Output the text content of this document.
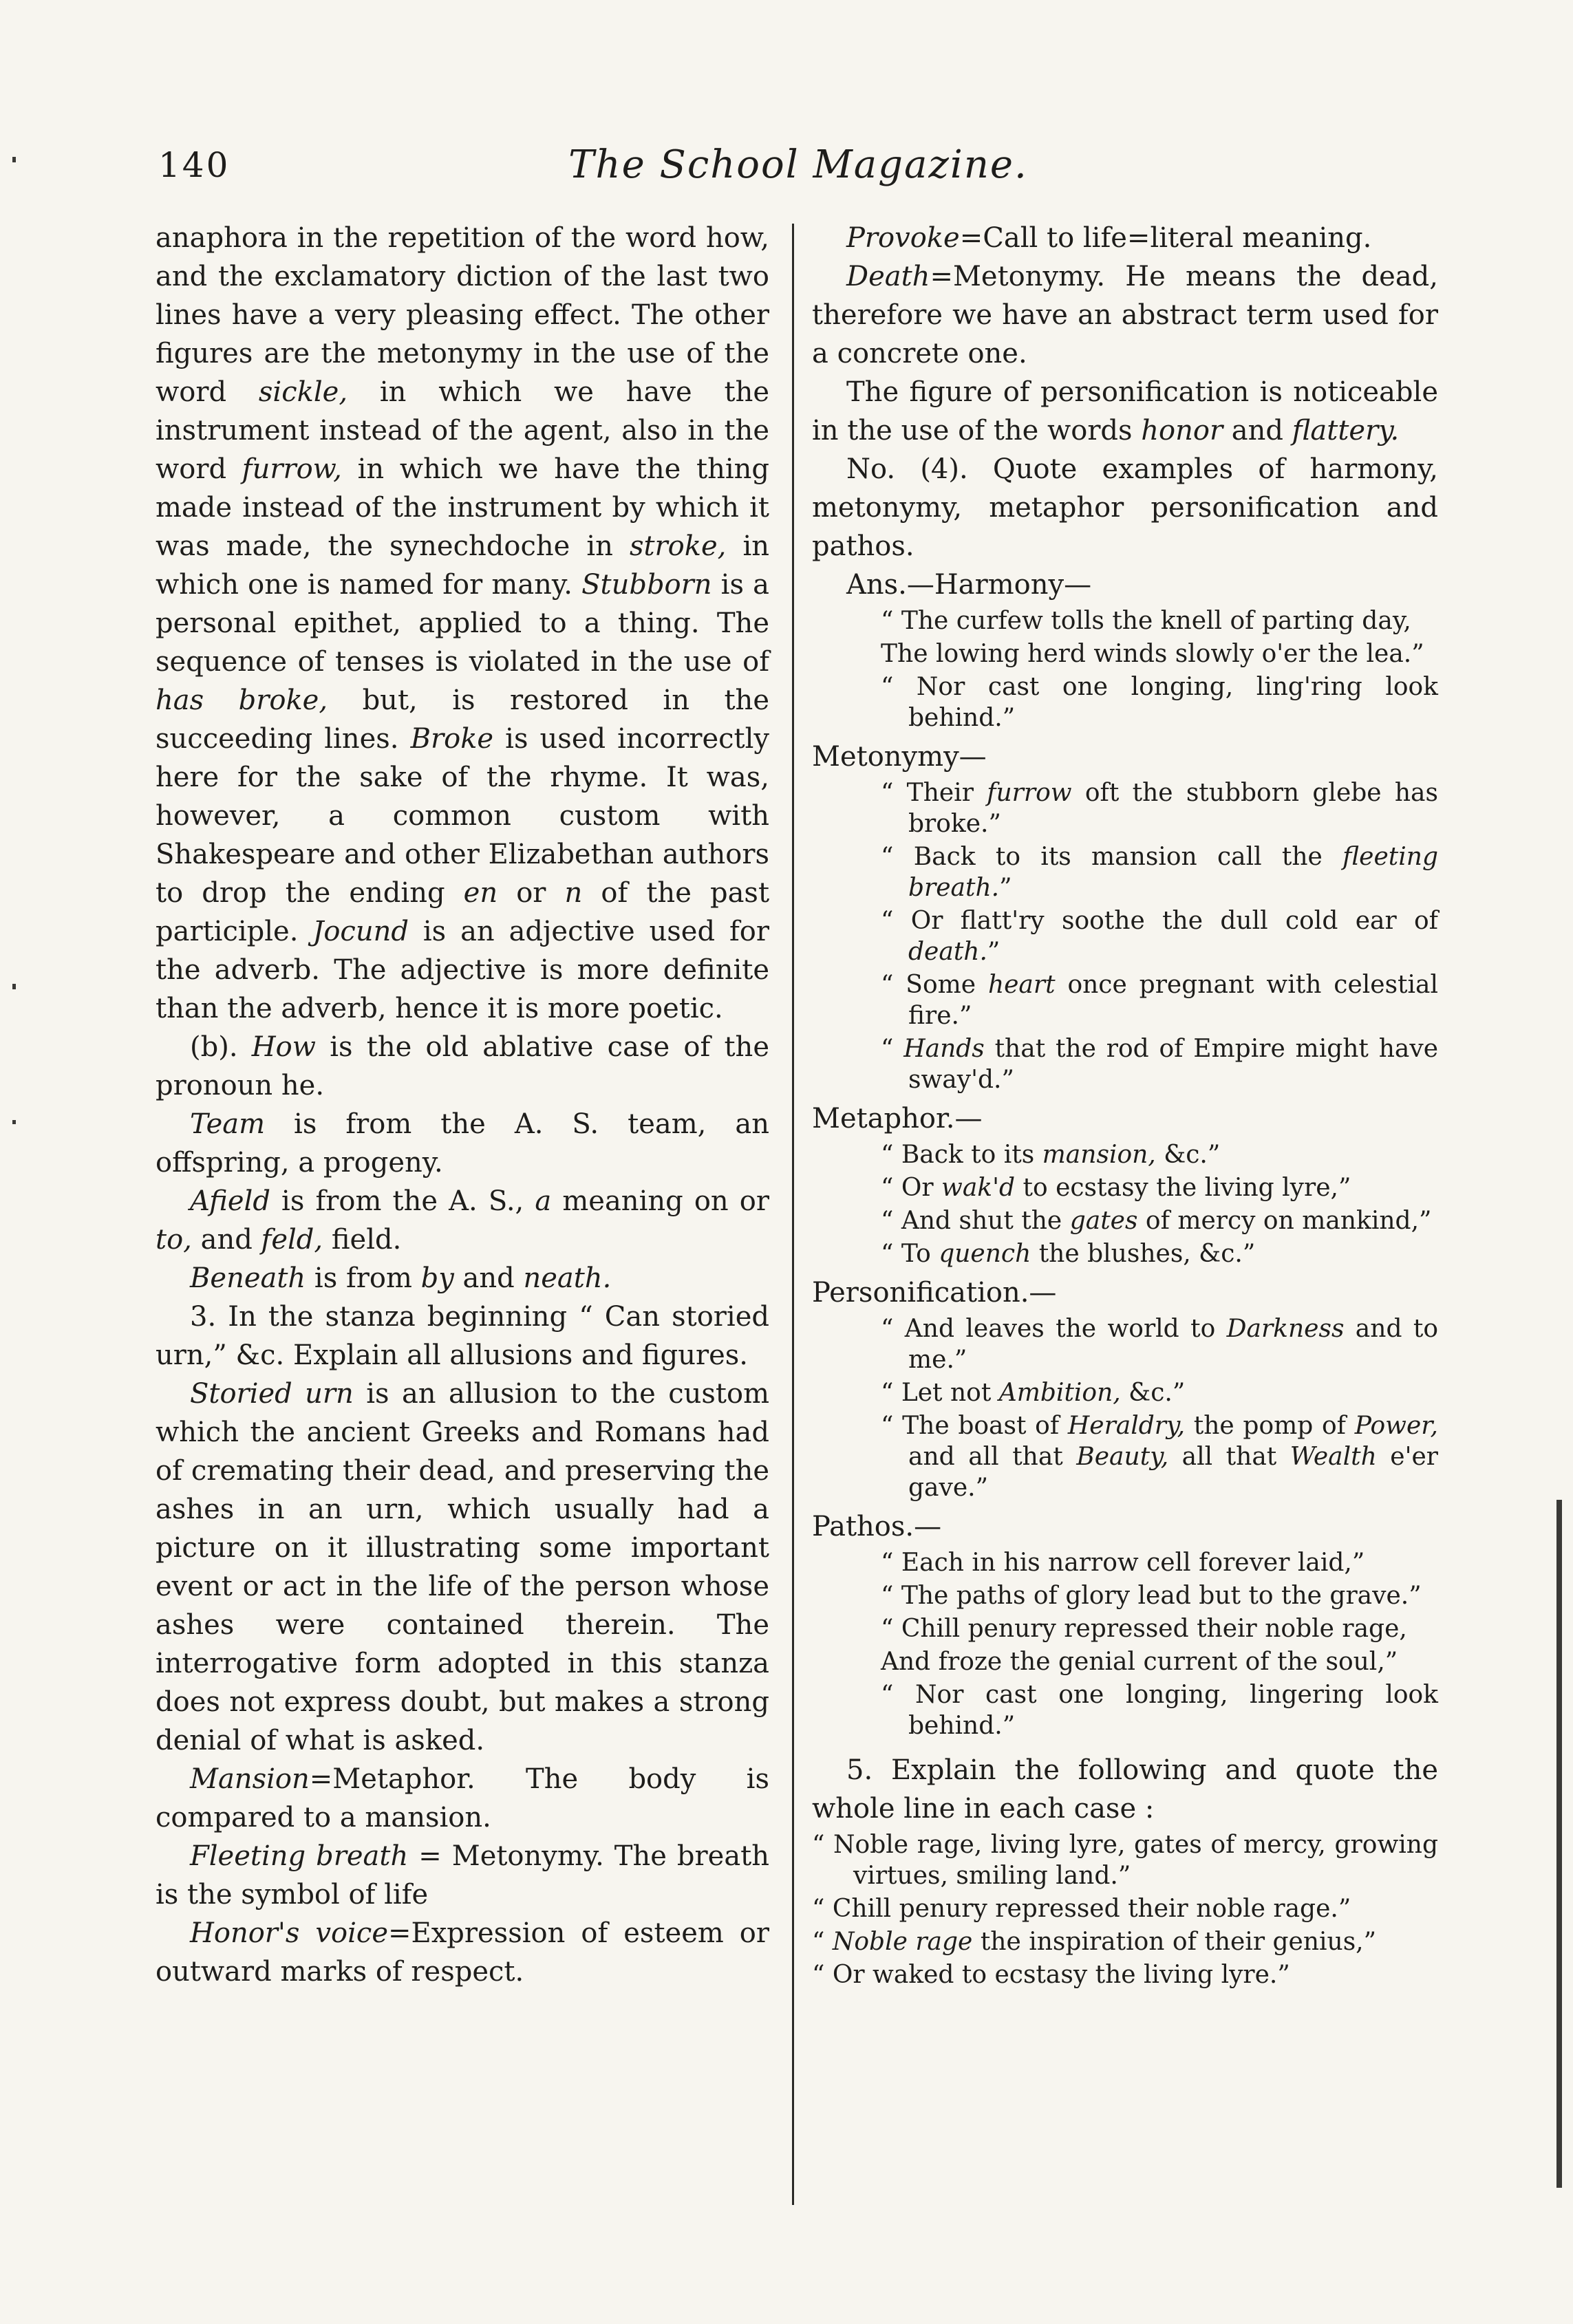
140	The School Magazine.

anaphora in the repetition of the word how, and the exclamatory diction of the last two lines have a very pleasing effect. The other figures are the metonymy in the use of the word sickle, in which we have the instrument instead of the agent, also in the word furrow, in which we have the thing made instead of the instrument by which it was made, the synechdoche in stroke, in which one is named for many. Stubborn is a personal epithet, applied to a thing. The sequence of tenses is violated in the use of has broke, but, is restored in the succeeding lines. Broke is used incorrectly here for the sake of the rhyme. It was, however, a common custom with Shakespeare and other Elizabethan authors to drop the ending en or n of the past participle. Jocund is an adjective used for the adverb. The adjective is more definite than the adverb, hence it is more poetic.

(b). How is the old ablative case of the pronoun he.

Team is from the A. S. team, an offspring, a progeny.

Afield is from the A. S., a meaning on or to, and feld, field.

Beneath is from by and neath.

3. In the stanza beginning “ Can storied urn,” &c. Explain all allusions and figures.

Storied urn is an allusion to the custom which the ancient Greeks and Romans had of cremating their dead, and preserving the ashes in an urn, which usually had a picture on it illustrating some important event or act in the life of the person whose ashes were contained therein. The interrogative form adopted in this stanza does not express doubt, but makes a strong denial of what is asked.

Mansion=Metaphor. The body is compared to a mansion.

Fleeting breath = Metonymy. The breath is the symbol of life

Honor's voice=Expression of esteem or outward marks of respect.

Provoke=Call to life=literal meaning.

Death=Metonymy. He means the dead, therefore we have an abstract term used for a concrete one.

The figure of personification is noticeable in the use of the words honor and flattery.

No. (4). Quote examples of harmony, metonymy, metaphor personification and pathos.

Ans.—Harmony—

“ The curfew tolls the knell of parting day,

The lowing herd winds slowly o'er the lea.”

“ Nor cast one longing, ling'ring look behind.”

Metonymy—

“ Their furrow oft the stubborn glebe has broke.”

“ Back to its mansion call the fleeting breath.”

“ Or flatt'ry soothe the dull cold ear of death.”

“ Some heart once pregnant with celestial fire.”

“ Hands that the rod of Empire might have sway'd.”

Metaphor.—

“ Back to its mansion, &c.”

“ Or wak'd to ecstasy the living lyre,”

“ And shut the gates of mercy on mankind,”

“ To quench the blushes, &c.”

Personification.—

“ And leaves the world to Darkness and to me.”

“ Let not Ambition, &c.”

“ The boast of Heraldry, the pomp of Power, and all that Beauty, all that Wealth e'er gave.”

Pathos.—

“ Each in his narrow cell forever laid,”

“ The paths of glory lead but to the grave.”

“ Chill penury repressed their noble rage,

And froze the genial current of the soul,”

“ Nor cast one longing, lingering look behind.”

5. Explain the following and quote the whole line in each case :

“ Noble rage, living lyre, gates of mercy, growing virtues, smiling land.”

“ Chill penury repressed their noble rage.”

“ Noble rage the inspiration of their genius,”

“ Or waked to ecstasy the living lyre.”
